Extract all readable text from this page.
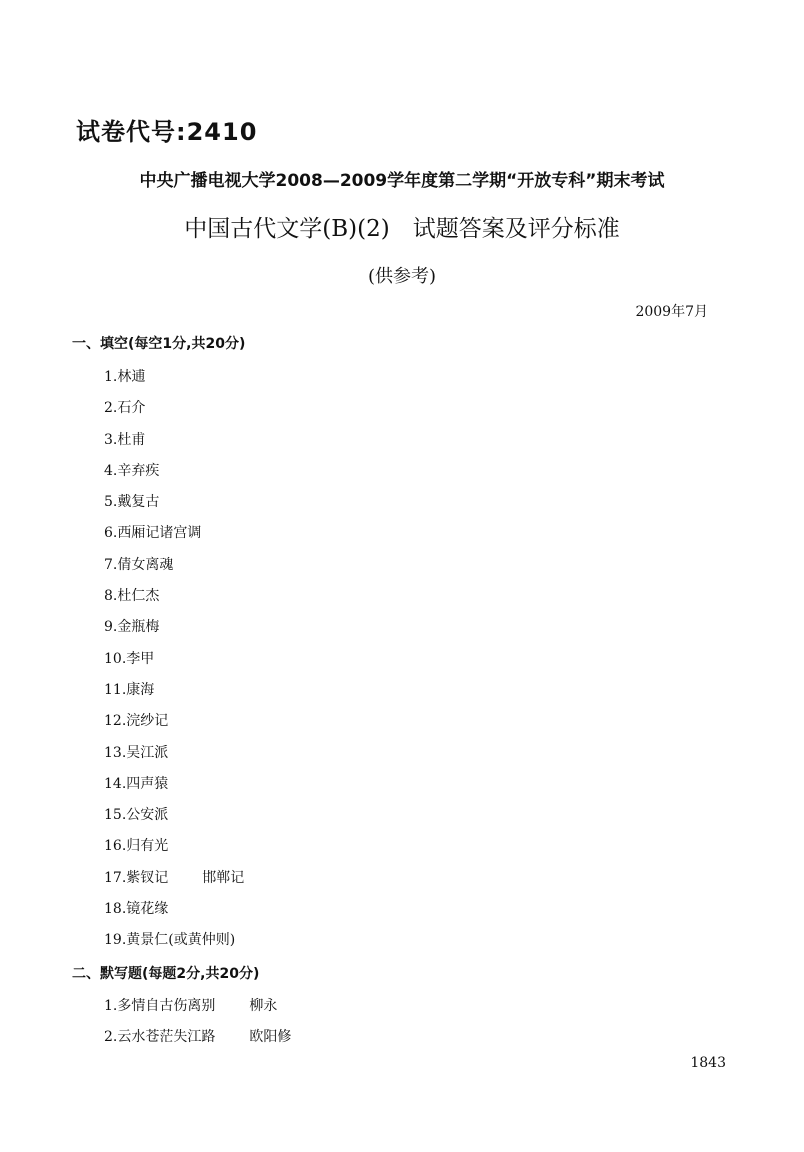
试卷代号:2410
中央广播电视大学2008—2009学年度第二学期“开放专科”期末考试
中国古代文学(B)(2)　试题答案及评分标准
(供参考)
2009年7月
一、填空(每空1分,共20分)
1.林逋
2.石介
3.杜甫
4.辛弃疾
5.戴复古
6.西厢记诸宫调
7.倩女离魂
8.杜仁杰
9.金瓶梅
10.李甲
11.康海
12.浣纱记
13.吴江派
14.四声猿
15.公安派
16.归有光
17.紫钗记 邯郸记
18.镜花缘
19.黄景仁(或黄仲则)
二、默写题(每题2分,共20分)
1.多情自古伤离别 柳永
2.云水苍茫失江路 欧阳修
1843
